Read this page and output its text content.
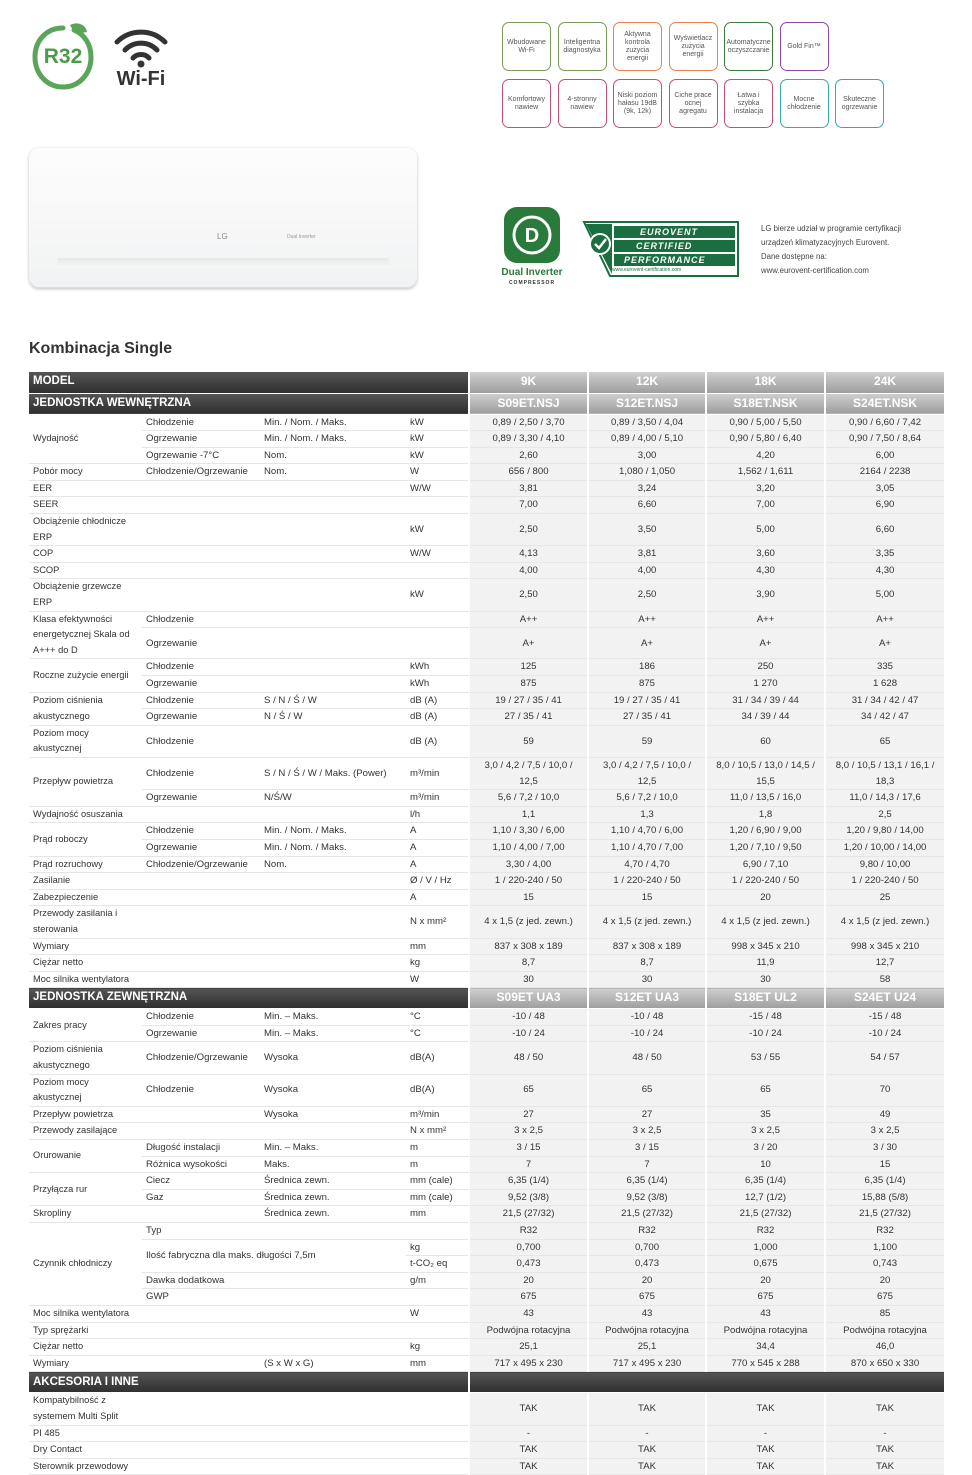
R32
Wi-Fi
Wbudowane Wi-Fi
Inteligentna diagnostyka
Aktywna kontrola zużycia energii
Wyświetlacz zużycia energii
Automatyczne oczyszczanie
Gold Fin™
Komfortowy nawiew
4-stronny nawiew
Niski poziom hałasu 19dB (9k, 12k)
Ciche prace ocnej agregatu
Łatwa i szybka instalacja
Mocne chłodzenie
Skuteczne ogrzewanie
LG	Dual Inverter	D
Dual Inverter
COMPRESSOR
EUROVENT
CERTIFIED
PERFORMANCE
www.eurovent-certification.com
LG bierze udział w programie certyfikacji
urządzeń klimatyzacyjnych Eurovent.
Dane dostępne na:
www.eurovent-certification.com
Kombinacja Single
MODEL				9K	12K	18K	24K
JEDNOSTKA WEWNĘTRZNA				S09ET.NSJ	S12ET.NSJ	S18ET.NSK	S24ET.NSK
Wydajność	Chłodzenie	Min. / Nom. / Maks.	kW	0,89 / 2,50 / 3,70	0,89 / 3,50 / 4,04	0,90 / 5,00 / 5,50	0,90 / 6,60 / 7,42
	Ogrzewanie	Min. / Nom. / Maks.	kW	0,89 / 3,30 / 4,10	0,89 / 4,00 / 5,10	0,90 / 5,80 / 6,40	0,90 / 7,50 / 8,64
	Ogrzewanie -7°C	Nom.	kW	2,60	3,00	4,20	6,00
Pobór mocy	Chłodzenie/Ogrzewanie	Nom.	W	656 / 800	1,080 / 1,050	1,562 / 1,611	2164 / 2238
EER			W/W	3,81	3,24	3,20	3,05
SEER				7,00	6,60	7,00	6,90
Obciążenie chłodnicze ERP			kW	2,50	3,50	5,00	6,60
COP			W/W	4,13	3,81	3,60	3,35
SCOP				4,00	4,00	4,30	4,30
Obciążenie grzewcze ERP			kW	2,50	2,50	3,90	5,00
Klasa efektywności energetycznej Skala od A+++ do D	Chłodzenie			A++	A++	A++	A++
	Ogrzewanie			A+	A+	A+	A+
Roczne zużycie energii	Chłodzenie		kWh	125	186	250	335
	Ogrzewanie		kWh	875	875	1 270	1 628
Poziom ciśnienia akustycznego	Chłodzenie	S / N / Ś / W	dB (A)	19 / 27 / 35 / 41	19 / 27 / 35 / 41	31 / 34 / 39 / 44	31 / 34 / 42 / 47
	Ogrzewanie	N / Ś / W	dB (A)	27 / 35 / 41	27 / 35 / 41	34 / 39 / 44	34 / 42 / 47
Poziom mocy akustycznej	Chłodzenie		dB (A)	59	59	60	65
Przepływ powietrza	Chłodzenie	S / N / Ś / W / Maks. (Power)	m³/min	3,0 / 4,2 / 7,5 / 10,0 / 12,5	3,0 / 4,2 / 7,5 / 10,0 / 12,5	8,0 / 10,5 / 13,0 / 14,5 / 15,5	8,0 / 10,5 / 13,1 / 16,1 / 18,3
	Ogrzewanie	N/Ś/W	m³/min	5,6 / 7,2 / 10,0	5,6 / 7,2 / 10,0	11,0 / 13,5 / 16,0	11,0 / 14,3 / 17,6
Wydajność osuszania			l/h	1,1	1,3	1,8	2,5
Prąd roboczy	Chłodzenie	Min. / Nom. / Maks.	A	1,10 / 3,30 / 6,00	1,10 / 4,70 / 6,00	1,20 / 6,90 / 9,00	1,20 / 9,80 / 14,00
	Ogrzewanie	Min. / Nom. / Maks.	A	1,10 / 4,00 / 7,00	1,10 / 4,70 / 7,00	1,20 / 7,10 / 9,50	1,20 / 10,00 / 14,00
Prąd rozruchowy	Chłodzenie/Ogrzewanie	Nom.	A	3,30 / 4,00	4,70 / 4,70	6,90 / 7,10	9,80 / 10,00
Zasilanie			Ø / V / Hz	1 / 220-240 / 50	1 / 220-240 / 50	1 / 220-240 / 50	1 / 220-240 / 50
Zabezpieczenie			A	15	15	20	25
Przewody zasilania i sterowania			N x mm²	4 x 1,5 (z jed. zewn.)	4 x 1,5 (z jed. zewn.)	4 x 1,5 (z jed. zewn.)	4 x 1,5 (z jed. zewn.)
Wymiary			mm	837 x 308 x 189	837 x 308 x 189	998 x 345 x 210	998 x 345 x 210
Ciężar netto			kg	8,7	8,7	11,9	12,7
Moc silnika wentylatora			W	30	30	30	58
JEDNOSTKA ZEWNĘTRZNA				S09ET UA3	S12ET UA3	S18ET UL2	S24ET U24
Zakres pracy	Chłodzenie	Min. – Maks.	°C	-10 / 48	-10 / 48	-15 / 48	-15 / 48
	Ogrzewanie	Min. – Maks.	°C	-10 / 24	-10 / 24	-10 / 24	-10 / 24
Poziom ciśnienia akustycznego	Chłodzenie/Ogrzewanie	Wysoka	dB(A)	48 / 50	48 / 50	53 / 55	54 / 57
Poziom mocy akustycznej	Chłodzenie	Wysoka	dB(A)	65	65	65	70
Przepływ powietrza		Wysoka	m³/min	27	27	35	49
Przewody zasilające			N x mm²	3 x 2,5	3 x 2,5	3 x 2,5	3 x 2,5
Orurowanie	Długość instalacji	Min. – Maks.	m	3 / 15	3 / 15	3 / 20	3 / 30
	Różnica wysokości	Maks.	m	7	7	10	15
Przyłącza rur	Ciecz	Średnica zewn.	mm (cale)	6,35 (1/4)	6,35 (1/4)	6,35 (1/4)	6,35 (1/4)
	Gaz	Średnica zewn.	mm (cale)	9,52 (3/8)	9,52 (3/8)	12,7 (1/2)	15,88 (5/8)
Skropliny		Średnica zewn.	mm	21,5 (27/32)	21,5 (27/32)	21,5 (27/32)	21,5 (27/32)
Czynnik chłodniczy	Typ			R32	R32	R32	R32
	Ilość fabryczna dla maks. długości 7,5m		kg	0,700	0,700	1,000	1,100
			t-CO₂ eq	0,473	0,473	0,675	0,743
	Dawka dodatkowa		g/m	20	20	20	20
	GWP			675	675	675	675
Moc silnika wentylatora			W	43	43	43	85
Typ sprężarki				Podwójna rotacyjna	Podwójna rotacyjna	Podwójna rotacyjna	Podwójna rotacyjna
Ciężar netto			kg	25,1	25,1	34,4	46,0
Wymiary		(S x W x G)	mm	717 x 495 x 230	717 x 495 x 230	770 x 545 x 288	870 x 650 x 330
AKCESORIA I INNE							
Kompatybilność z systemem Multi Split				TAK	TAK	TAK	TAK
PI 485				-	-	-	-
Dry Contact				TAK	TAK	TAK	TAK
Sterownik przewodowy				TAK	TAK	TAK	TAK
